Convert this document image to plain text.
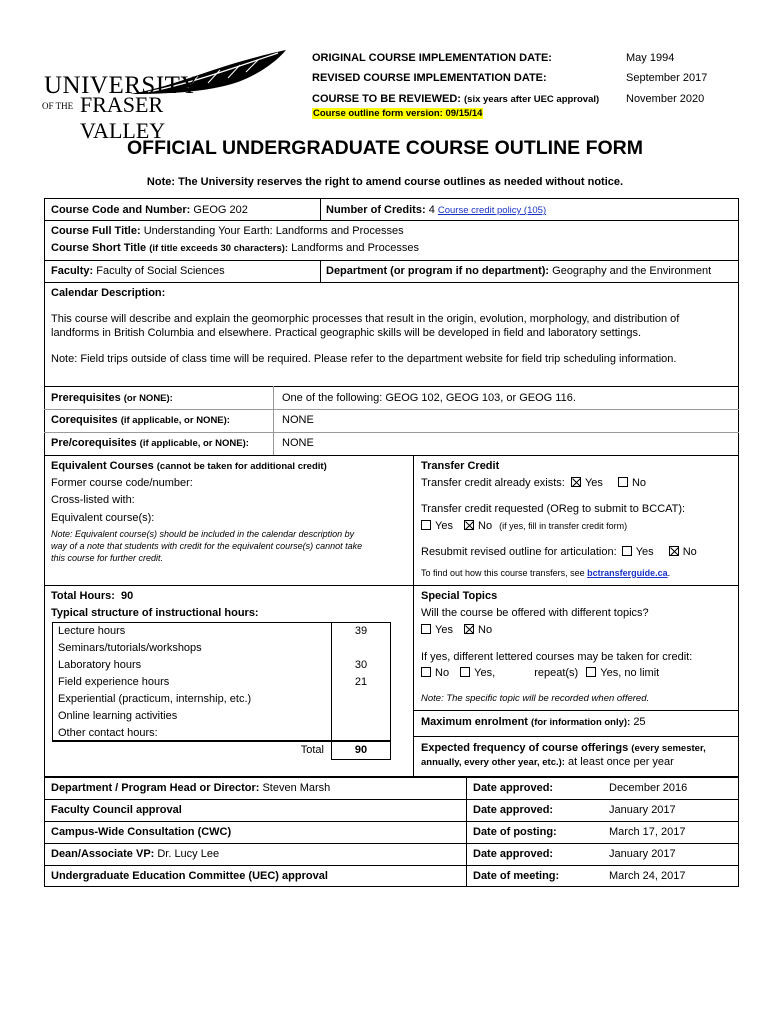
UNIVERSITY
OF THE FRASER VALLEY
ORIGINAL COURSE IMPLEMENTATION DATE:	May 1994
REVISED COURSE IMPLEMENTATION DATE:	September 2017
COURSE TO BE REVIEWED: (six years after UEC approval) November 2020
Course outline form version: 09/15/14
OFFICIAL UNDERGRADUATE COURSE OUTLINE FORM
Note: The University reserves the right to amend course outlines as needed without notice.
Course Code and Number: GEOG 202	Number of Credits: 4 Course credit policy (105)
Course Full Title: Understanding Your Earth: Landforms and Processes
Course Short Title (if title exceeds 30 characters): Landforms and Processes
Faculty: Faculty of Social Sciences	Department (or program if no department): Geography and the Environment
Calendar Description:
This course will describe and explain the geomorphic processes that result in the origin, evolution, morphology, and distribution of
landforms in British Columbia and elsewhere. Practical geographic skills will be developed in field and laboratory settings.
Note: Field trips outside of class time will be required. Please refer to the department website for field trip scheduling information.
Prerequisites (or NONE):	One of the following: GEOG 102, GEOG 103, or GEOG 116.
Corequisites (if applicable, or NONE):	NONE
Pre/corequisites (if applicable, or NONE):	NONE
Equivalent Courses (cannot be taken for additional credit)
Former course code/number:
Cross-listed with:
Equivalent course(s):
Note: Equivalent course(s) should be included in the calendar description by
way of a note that students with credit for the equivalent course(s) cannot take
this course for further credit.
Transfer Credit
Transfer credit already exists: Yes	No
Transfer credit requested (OReg to submit to BCCAT):
Yes No (if yes, fill in transfer credit form)
Resubmit revised outline for articulation: Yes	No
To find out how this course transfers, see bctransferguide.ca.
Total Hours: 90
Typical structure of instructional hours:
Lecture hours	39
Seminars/tutorials/workshops
Laboratory hours	30
Field experience hours	21
Experiential (practicum, internship, etc.)
Online learning activities
Other contact hours:
Total	90
Special Topics
Will the course be offered with different topics?
Yes No
If yes, different lettered courses may be taken for credit:
No Yes,	repeat(s) Yes, no limit
Note: The specific topic will be recorded when offered.
Maximum enrolment (for information only): 25
Expected frequency of course offerings (every semester,
annually, every other year, etc.): at least once per year
Department / Program Head or Director: Steven Marsh	Date approved:	December 2016
Faculty Council approval	Date approved:	January 2017
Campus-Wide Consultation (CWC)	Date of posting:	March 17, 2017
Dean/Associate VP: Dr. Lucy Lee	Date approved:	January 2017
Undergraduate Education Committee (UEC) approval	Date of meeting:	March 24, 2017
